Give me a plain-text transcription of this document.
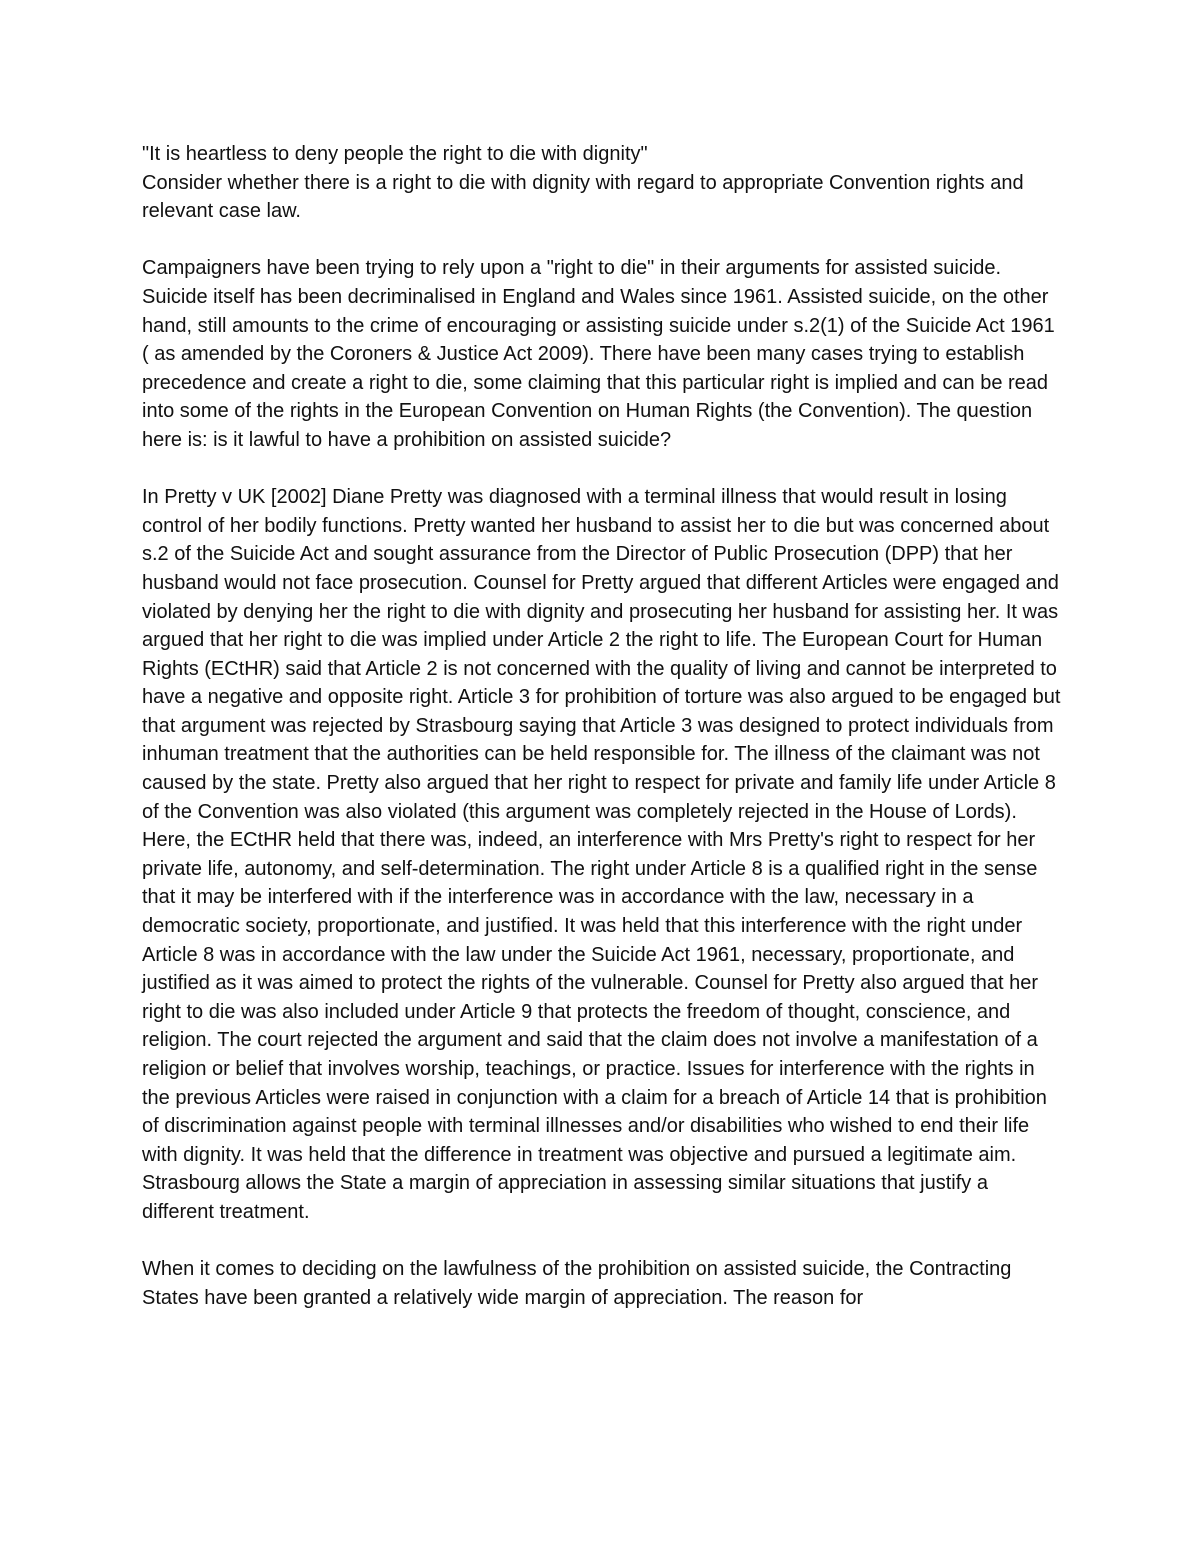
"It is heartless to deny people the right to die with dignity"

Consider whether there is a right to die with dignity with regard to appropriate Convention rights and relevant case law.

Campaigners have been trying to rely upon a "right to die" in their arguments for assisted suicide. Suicide itself has been decriminalised in England and Wales since 1961. Assisted suicide, on the other hand, still amounts to the crime of encouraging or assisting suicide under s.2(1) of the Suicide Act 1961 ( as amended by the Coroners & Justice Act 2009). There have been many cases trying to establish precedence and create a right to die, some claiming that this particular right is implied and can be read into some of the rights in the European Convention on Human Rights (the Convention). The question here is: is it lawful to have a prohibition on assisted suicide?

In Pretty v UK [2002] Diane Pretty was diagnosed with a terminal illness that would result in losing control of her bodily functions. Pretty wanted her husband to assist her to die but was concerned about s.2 of the Suicide Act and sought assurance from the Director of Public Prosecution (DPP) that her husband would not face prosecution. Counsel for Pretty argued that different Articles were engaged and violated by denying her the right to die with dignity and prosecuting her husband for assisting her. It was argued that her right to die was implied under Article 2 the right to life. The European Court for Human Rights (ECtHR) said that Article 2 is not concerned with the quality of living and cannot be interpreted to have a negative and opposite right. Article 3 for prohibition of torture was also argued to be engaged but that argument was rejected by Strasbourg saying that Article 3 was designed to protect individuals from inhuman treatment that the authorities can be held responsible for. The illness of the claimant was not caused by the state. Pretty also argued that her right to respect for private and family life under Article 8 of the Convention was also violated (this argument was completely rejected in the House of Lords). Here, the ECtHR held that there was, indeed, an interference with Mrs Pretty's right to respect for her private life, autonomy, and self-determination. The right under Article 8 is a qualified right in the sense that it may be interfered with if the interference was in accordance with the law, necessary in a democratic society, proportionate, and justified. It was held that this interference with the right under Article 8 was in accordance with the law under the Suicide Act 1961, necessary, proportionate, and justified as it was aimed to protect the rights of the vulnerable. Counsel for Pretty also argued that her right to die was also included under Article 9 that protects the freedom of thought, conscience, and religion. The court rejected the argument and said that the claim does not involve a manifestation of a religion or belief that involves worship, teachings, or practice. Issues for interference with the rights in the previous Articles were raised in conjunction with a claim for a breach of Article 14 that is prohibition of discrimination against people with terminal illnesses and/or disabilities who wished to end their life with dignity. It was held that the difference in treatment was objective and pursued a legitimate aim. Strasbourg allows the State a margin of appreciation in assessing similar situations that justify a different treatment.

When it comes to deciding on the lawfulness of the prohibition on assisted suicide, the Contracting States have been granted a relatively wide margin of appreciation. The reason for
